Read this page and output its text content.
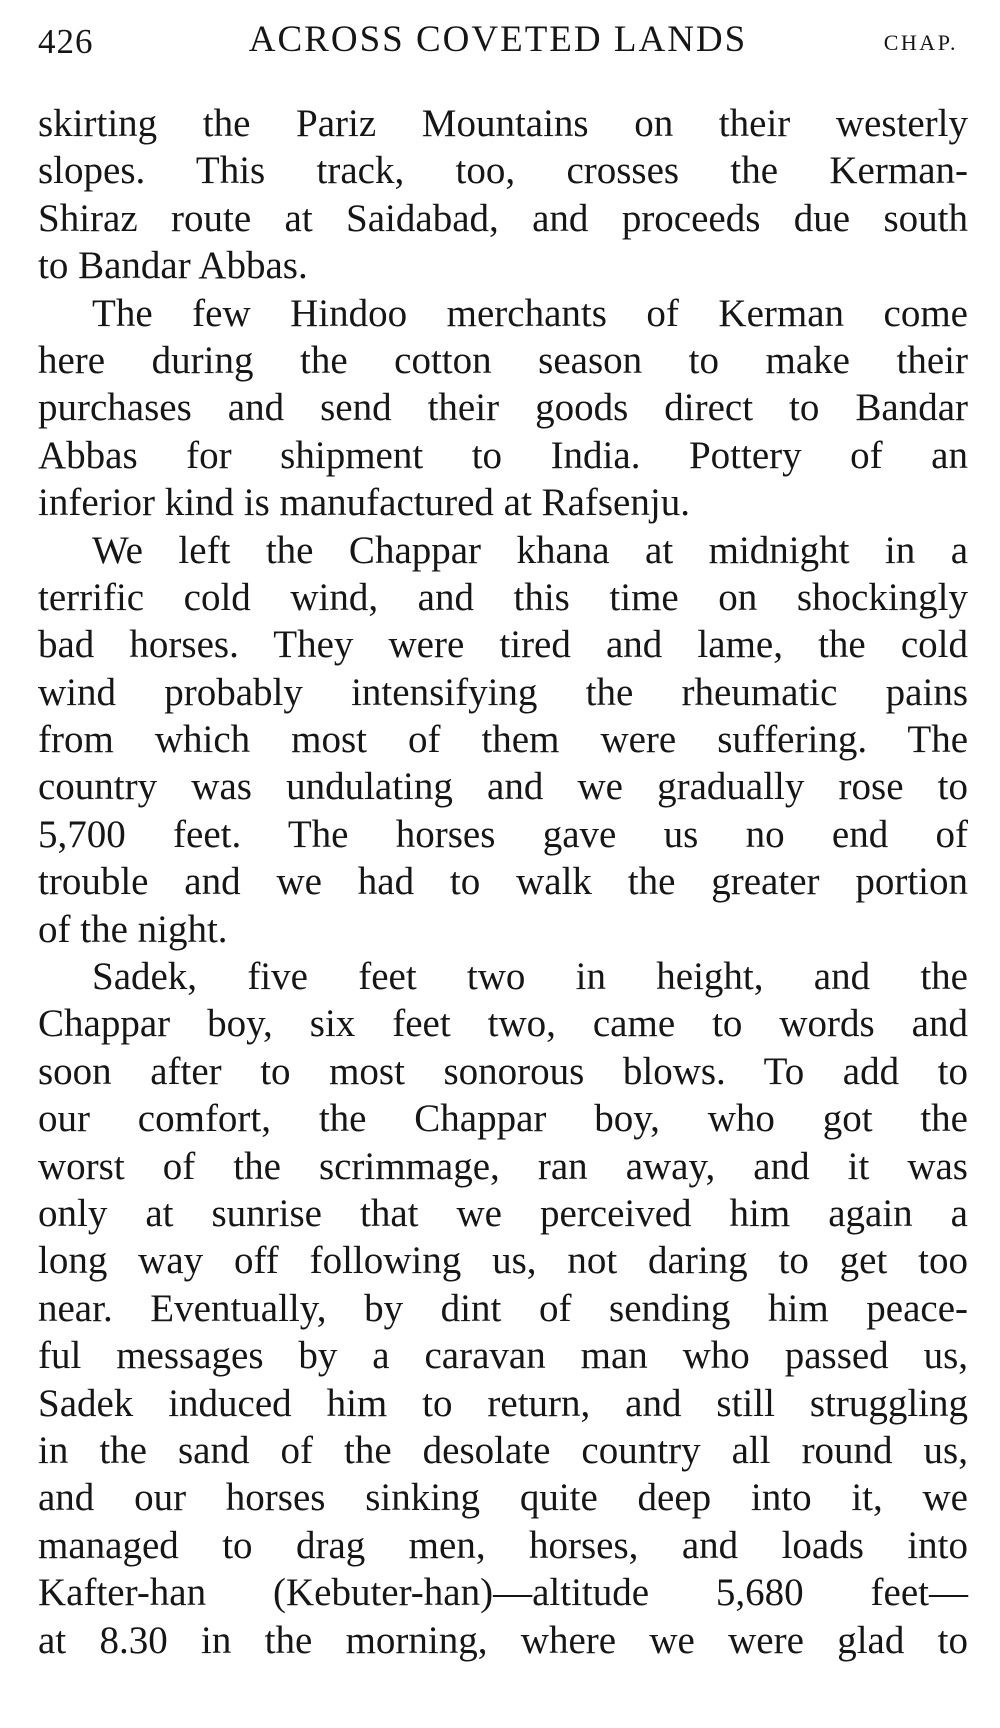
426	ACROSS COVETED LANDS	CHAP.
skirting the Pariz Mountains on their westerly
slopes. This track, too, crosses the Kerman-
Shiraz route at Saidabad, and proceeds due south
to Bandar Abbas.
The few Hindoo merchants of Kerman come
here during the cotton season to make their
purchases and send their goods direct to Bandar
Abbas for shipment to India. Pottery of an
inferior kind is manufactured at Rafsenju.
We left the Chappar khana at midnight in a
terrific cold wind, and this time on shockingly
bad horses. They were tired and lame, the cold
wind probably intensifying the rheumatic pains
from which most of them were suffering. The
country was undulating and we gradually rose to
5,700 feet. The horses gave us no end of
trouble and we had to walk the greater portion
of the night.
Sadek, five feet two in height, and the
Chappar boy, six feet two, came to words and
soon after to most sonorous blows. To add to
our comfort, the Chappar boy, who got the
worst of the scrimmage, ran away, and it was
only at sunrise that we perceived him again a
long way off following us, not daring to get too
near. Eventually, by dint of sending him peace-
ful messages by a caravan man who passed us,
Sadek induced him to return, and still struggling
in the sand of the desolate country all round us,
and our horses sinking quite deep into it, we
managed to drag men, horses, and loads into
Kafter-han (Kebuter-han)—altitude 5,680 feet—
at 8.30 in the morning, where we were glad to
